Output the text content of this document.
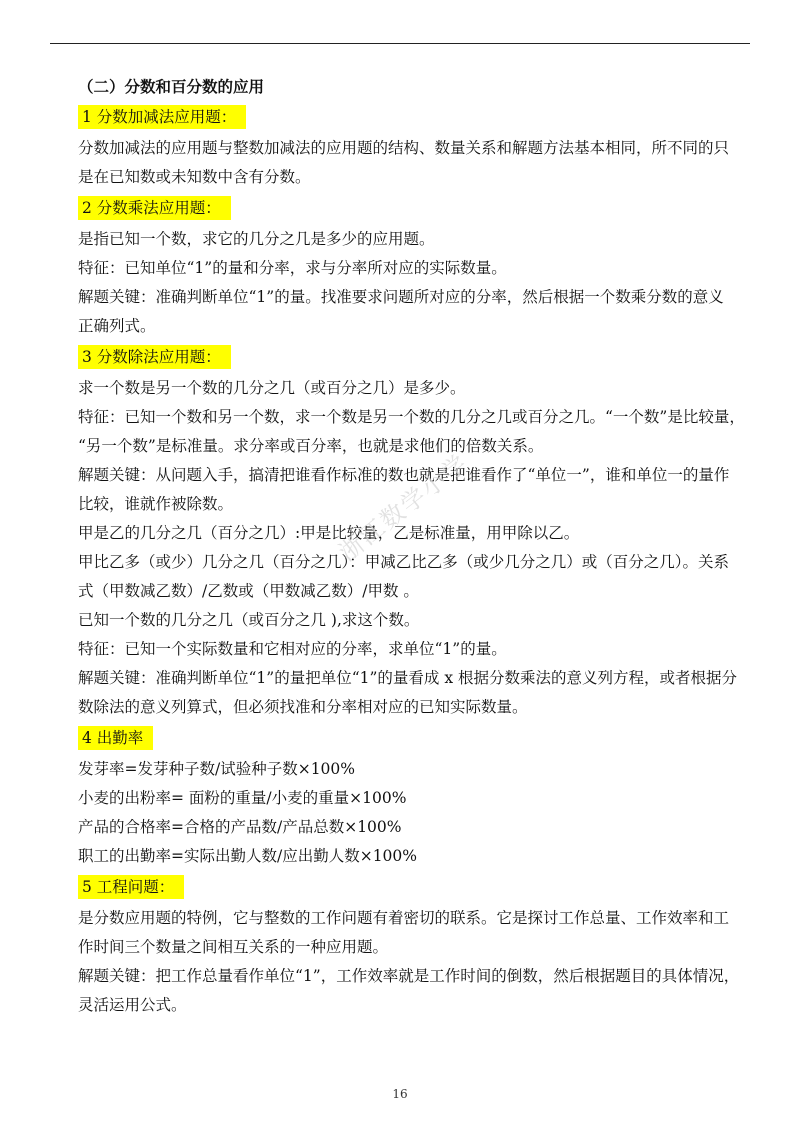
（二）分数和百分数的应用
1 分数加减法应用题：
分数加减法的应用题与整数加减法的应用题的结构、数量关系和解题方法基本相同，所不同的只
是在已知数或未知数中含有分数。
2 分数乘法应用题：
是指已知一个数，求它的几分之几是多少的应用题。
特征：已知单位“1”的量和分率，求与分率所对应的实际数量。
解题关键：准确判断单位“1”的量。找准要求问题所对应的分率，然后根据一个数乘分数的意义
正确列式。
3 分数除法应用题：
求一个数是另一个数的几分之几（或百分之几）是多少。
特征：已知一个数和另一个数，求一个数是另一个数的几分之几或百分之几。“一个数”是比较量，
“另一个数”是标准量。求分率或百分率，也就是求他们的倍数关系。
解题关键：从问题入手，搞清把谁看作标准的数也就是把谁看作了“单位一”，谁和单位一的量作
比较，谁就作被除数。
甲是乙的几分之几（百分之几）:甲是比较量，乙是标准量，用甲除以乙。
甲比乙多（或少）几分之几（百分之几）：甲减乙比乙多（或少几分之几）或（百分之几）。关系
式（甲数减乙数）/乙数或（甲数减乙数）/甲数 。
已知一个数的几分之几（或百分之几 ),求这个数。
特征：已知一个实际数量和它相对应的分率，求单位“1”的量。
解题关键：准确判断单位“1”的量把单位“1”的量看成 x 根据分数乘法的意义列方程，或者根据分
数除法的意义列算式，但必须找准和分率相对应的已知实际数量。
4 出勤率
发芽率=发芽种子数/试验种子数×100%
小麦的出粉率= 面粉的重量/小麦的重量×100%
产品的合格率=合格的产品数/产品总数×100%
职工的出勤率=实际出勤人数/应出勤人数×100%
5 工程问题：
是分数应用题的特例，它与整数的工作问题有着密切的联系。它是探讨工作总量、工作效率和工
作时间三个数量之间相互关系的一种应用题。
解题关键：把工作总量看作单位“1”，工作效率就是工作时间的倒数，然后根据题目的具体情况，
灵活运用公式。
浙江数学小学
16
